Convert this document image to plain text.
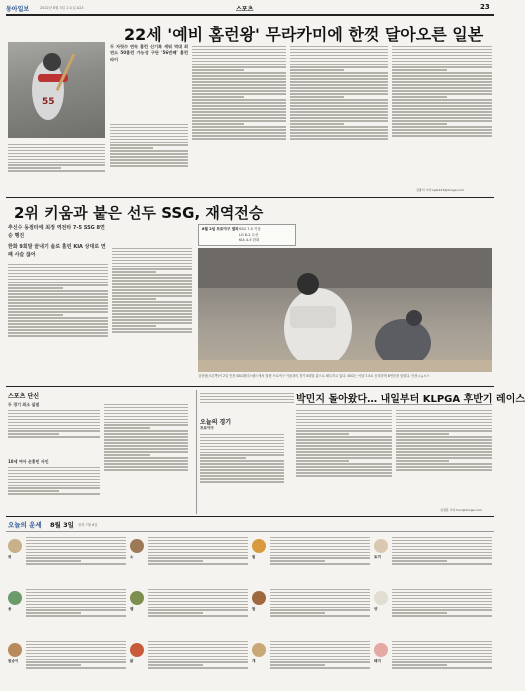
동아일보	2022년 8월 3일 수요일 A23	스포츠	23
22세 '예비 홈런왕' 무라카미에 한껏 달아오른 일본
55
두 자릿수 연속 홈런 신기록 세워 역대 최연소 50홈런 가능성 구단 '56번째' 홈런 타이
김종석 기자 kjs0123@donga.com
2위 키움과 붙은 선두 SSG, 재역전승
추신수 동점타에 최정 역전타 7-5 SSG 8연승 행진
한화 9회말 끝내기 솔로 홈런 KIA 상대로 연패 사슬 끊어
8월 2일 프로야구 결과 SSG 7-5 키움
LG 6-2 두산
KIA 4-5 한화
김성현(오른쪽)이 2일 인천 SSG랜더스필드에서 열린 프로야구 키움과의 경기 6회말 홈으로 쇄도하고 있다. SSG는 이날 7-5로 승리하며 8연승을 달렸다. 인천=뉴시스
스포츠 단신
두 경기 최소 실점
10세 여아 손흥민 사인
오늘의 경기
프로야구
박민지 돌아왔다… 내일부터 KLPGA 후반기 레이스
김정훈 기자 hun@donga.com
오늘의 운세 8월 3일 음력 7월 6일
쥐	소	범	토끼
용	뱀	말	양
원숭이	닭	개	돼지
